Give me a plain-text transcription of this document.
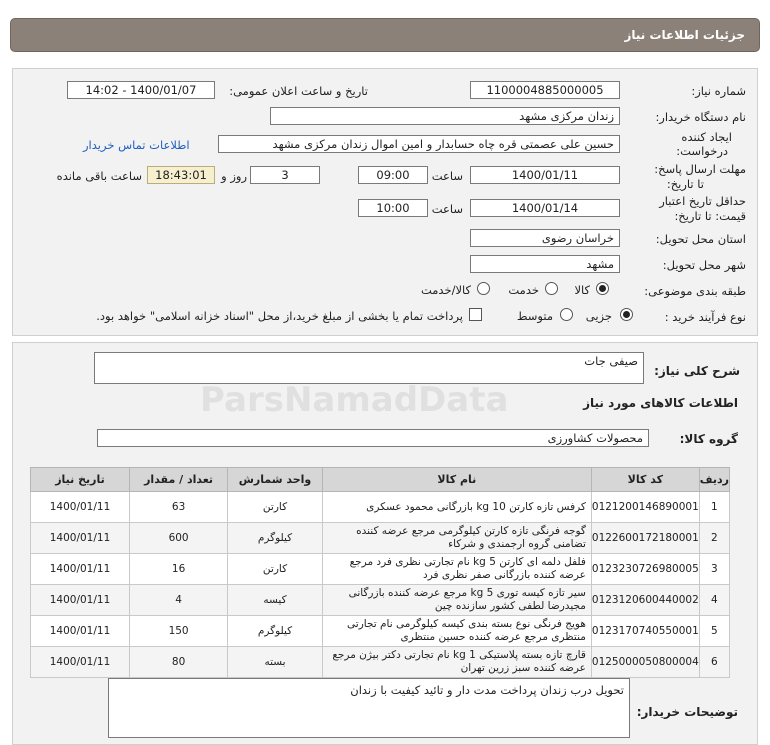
جزئیات اطلاعات نیاز
شماره نیاز:
1100004885000005
تاریخ و ساعت اعلان عمومی:
1400/01/07 - 14:02
نام دستگاه خریدار:
زندان مرکزی مشهد
ایجاد کننده
درخواست:
حسین علی عصمتی قره چاه حسابدار و امین اموال زندان مرکزی مشهد
اطلاعات تماس خریدار
مهلت ارسال پاسخ:
تا تاریخ:
1400/01/11
ساعت
09:00
3
روز و
18:43:01
ساعت باقی مانده
حداقل تاریخ اعتبار
قیمت: تا تاریخ:
1400/01/14
ساعت
10:00
استان محل تحویل:
خراسان رضوی
شهر محل تحویل:
مشهد
طبقه بندی موضوعی:
کالا
خدمت
کالا/خدمت
نوع فرآیند خرید :
جزیی
متوسط
پرداخت تمام یا بخشی از مبلغ خرید،از محل "اسناد خزانه اسلامی" خواهد بود.
شرح کلی نیاز:
صیفی جات
اطلاعات کالاهای مورد نیاز
گروه کالا:
محصولات کشاورزی
ردیف	کد کالا	نام کالا	واحد شمارش	تعداد / مقدار	تاریخ نیاز
1	0121200146890001	کرفس تازه کارتن 10 kg بازرگانی محمود عسکری	کارتن	63	1400/01/11
2	0122600172180001	گوجه فرنگی تازه کارتن کیلوگرمی مرجع عرضه کننده تضامنی گروه ارجمندی و شرکاء	کیلوگرم	600	1400/01/11
3	0123230726980005	فلفل دلمه ای کارتن 5 kg نام تجارتی نظری فرد مرجع عرضه کننده بازرگانی صفر نظری فرد	کارتن	16	1400/01/11
4	0123120600440002	سیر تازه کیسه توری 5 kg مرجع عرضه کننده بازرگانی مجیدرضا لطفی کشور سازنده چین	کیسه	4	1400/01/11
5	0123170740550001	هویج فرنگی نوع بسته بندی کیسه کیلوگرمی نام تجارتی منتظری مرجع عرضه کننده حسین منتظری	کیلوگرم	150	1400/01/11
6	0125000050800004	قارچ تازه بسته پلاستیکی 1 kg نام تجارتی دکتر بیژن مرجع عرضه کننده سبز زرین تهران	بسته	80	1400/01/11
توضیحات خریدار:
تحویل درب زندان پرداخت مدت دار و تائید کیفیت با زندان
